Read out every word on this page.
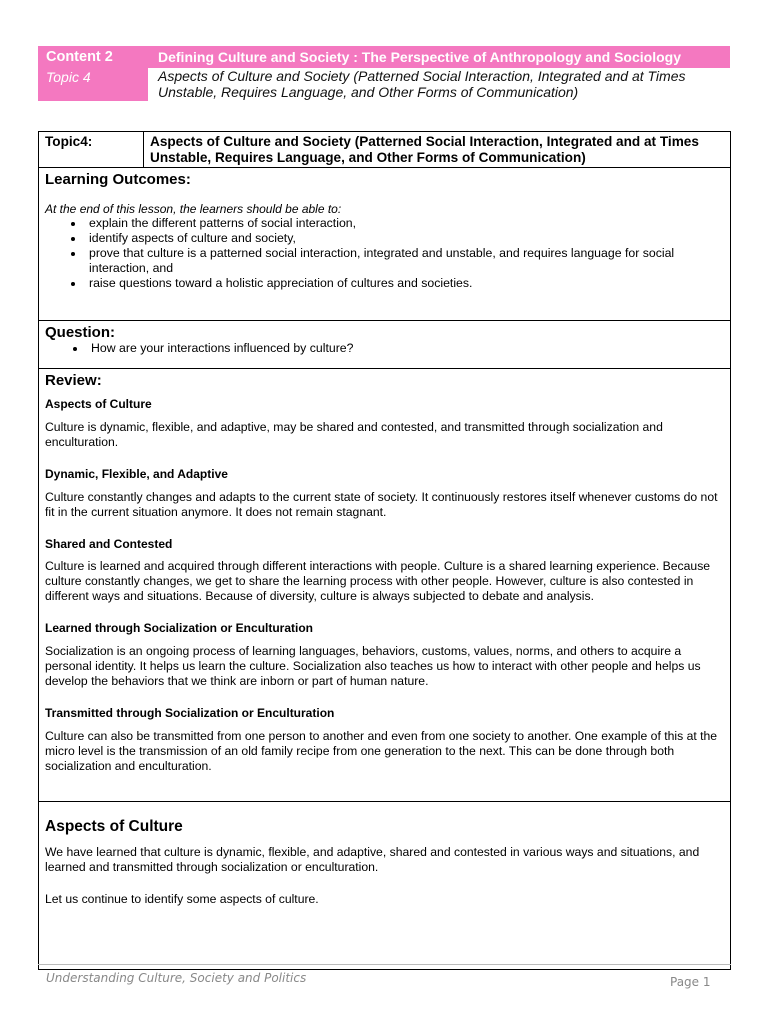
Content 2	Defining Culture and Society : The Perspective of Anthropology and Sociology
Topic 4	Aspects of Culture and Society (Patterned Social Interaction, Integrated and at Times Unstable, Requires Language, and Other Forms of Communication)
Topic4:	Aspects of Culture and Society (Patterned Social Interaction, Integrated and at Times Unstable, Requires Language, and Other Forms of Communication)

Learning Outcomes:

At the end of this lesson, the learners should be able to:

• explain the different patterns of social interaction,
• identify aspects of culture and society,
• prove that culture is a patterned social interaction, integrated and unstable, and requires language for social interaction, and
• raise questions toward a holistic appreciation of cultures and societies.

Question:

• How are your interactions influenced by culture?

Review:

Aspects of Culture

Culture is dynamic, flexible, and adaptive, may be shared and contested, and transmitted through socialization and enculturation.

Dynamic, Flexible, and Adaptive

Culture constantly changes and adapts to the current state of society. It continuously restores itself whenever customs do not fit in the current situation anymore. It does not remain stagnant.

Shared and Contested

Culture is learned and acquired through different interactions with people. Culture is a shared learning experience. Because culture constantly changes, we get to share the learning process with other people. However, culture is also contested in different ways and situations. Because of diversity, culture is always subjected to debate and analysis.

Learned through Socialization or Enculturation

Socialization is an ongoing process of learning languages, behaviors, customs, values, norms, and others to acquire a personal identity. It helps us learn the culture. Socialization also teaches us how to interact with other people and helps us develop the behaviors that we think are inborn or part of human nature.

Transmitted through Socialization or Enculturation

Culture can also be transmitted from one person to another and even from one society to another. One example of this at the micro level is the transmission of an old family recipe from one generation to the next. This can be done through both socialization and enculturation.

Aspects of Culture

We have learned that culture is dynamic, flexible, and adaptive, shared and contested in various ways and situations, and learned and transmitted through socialization or enculturation.

Let us continue to identify some aspects of culture.

Understanding Culture, Society and Politics	Page 1
